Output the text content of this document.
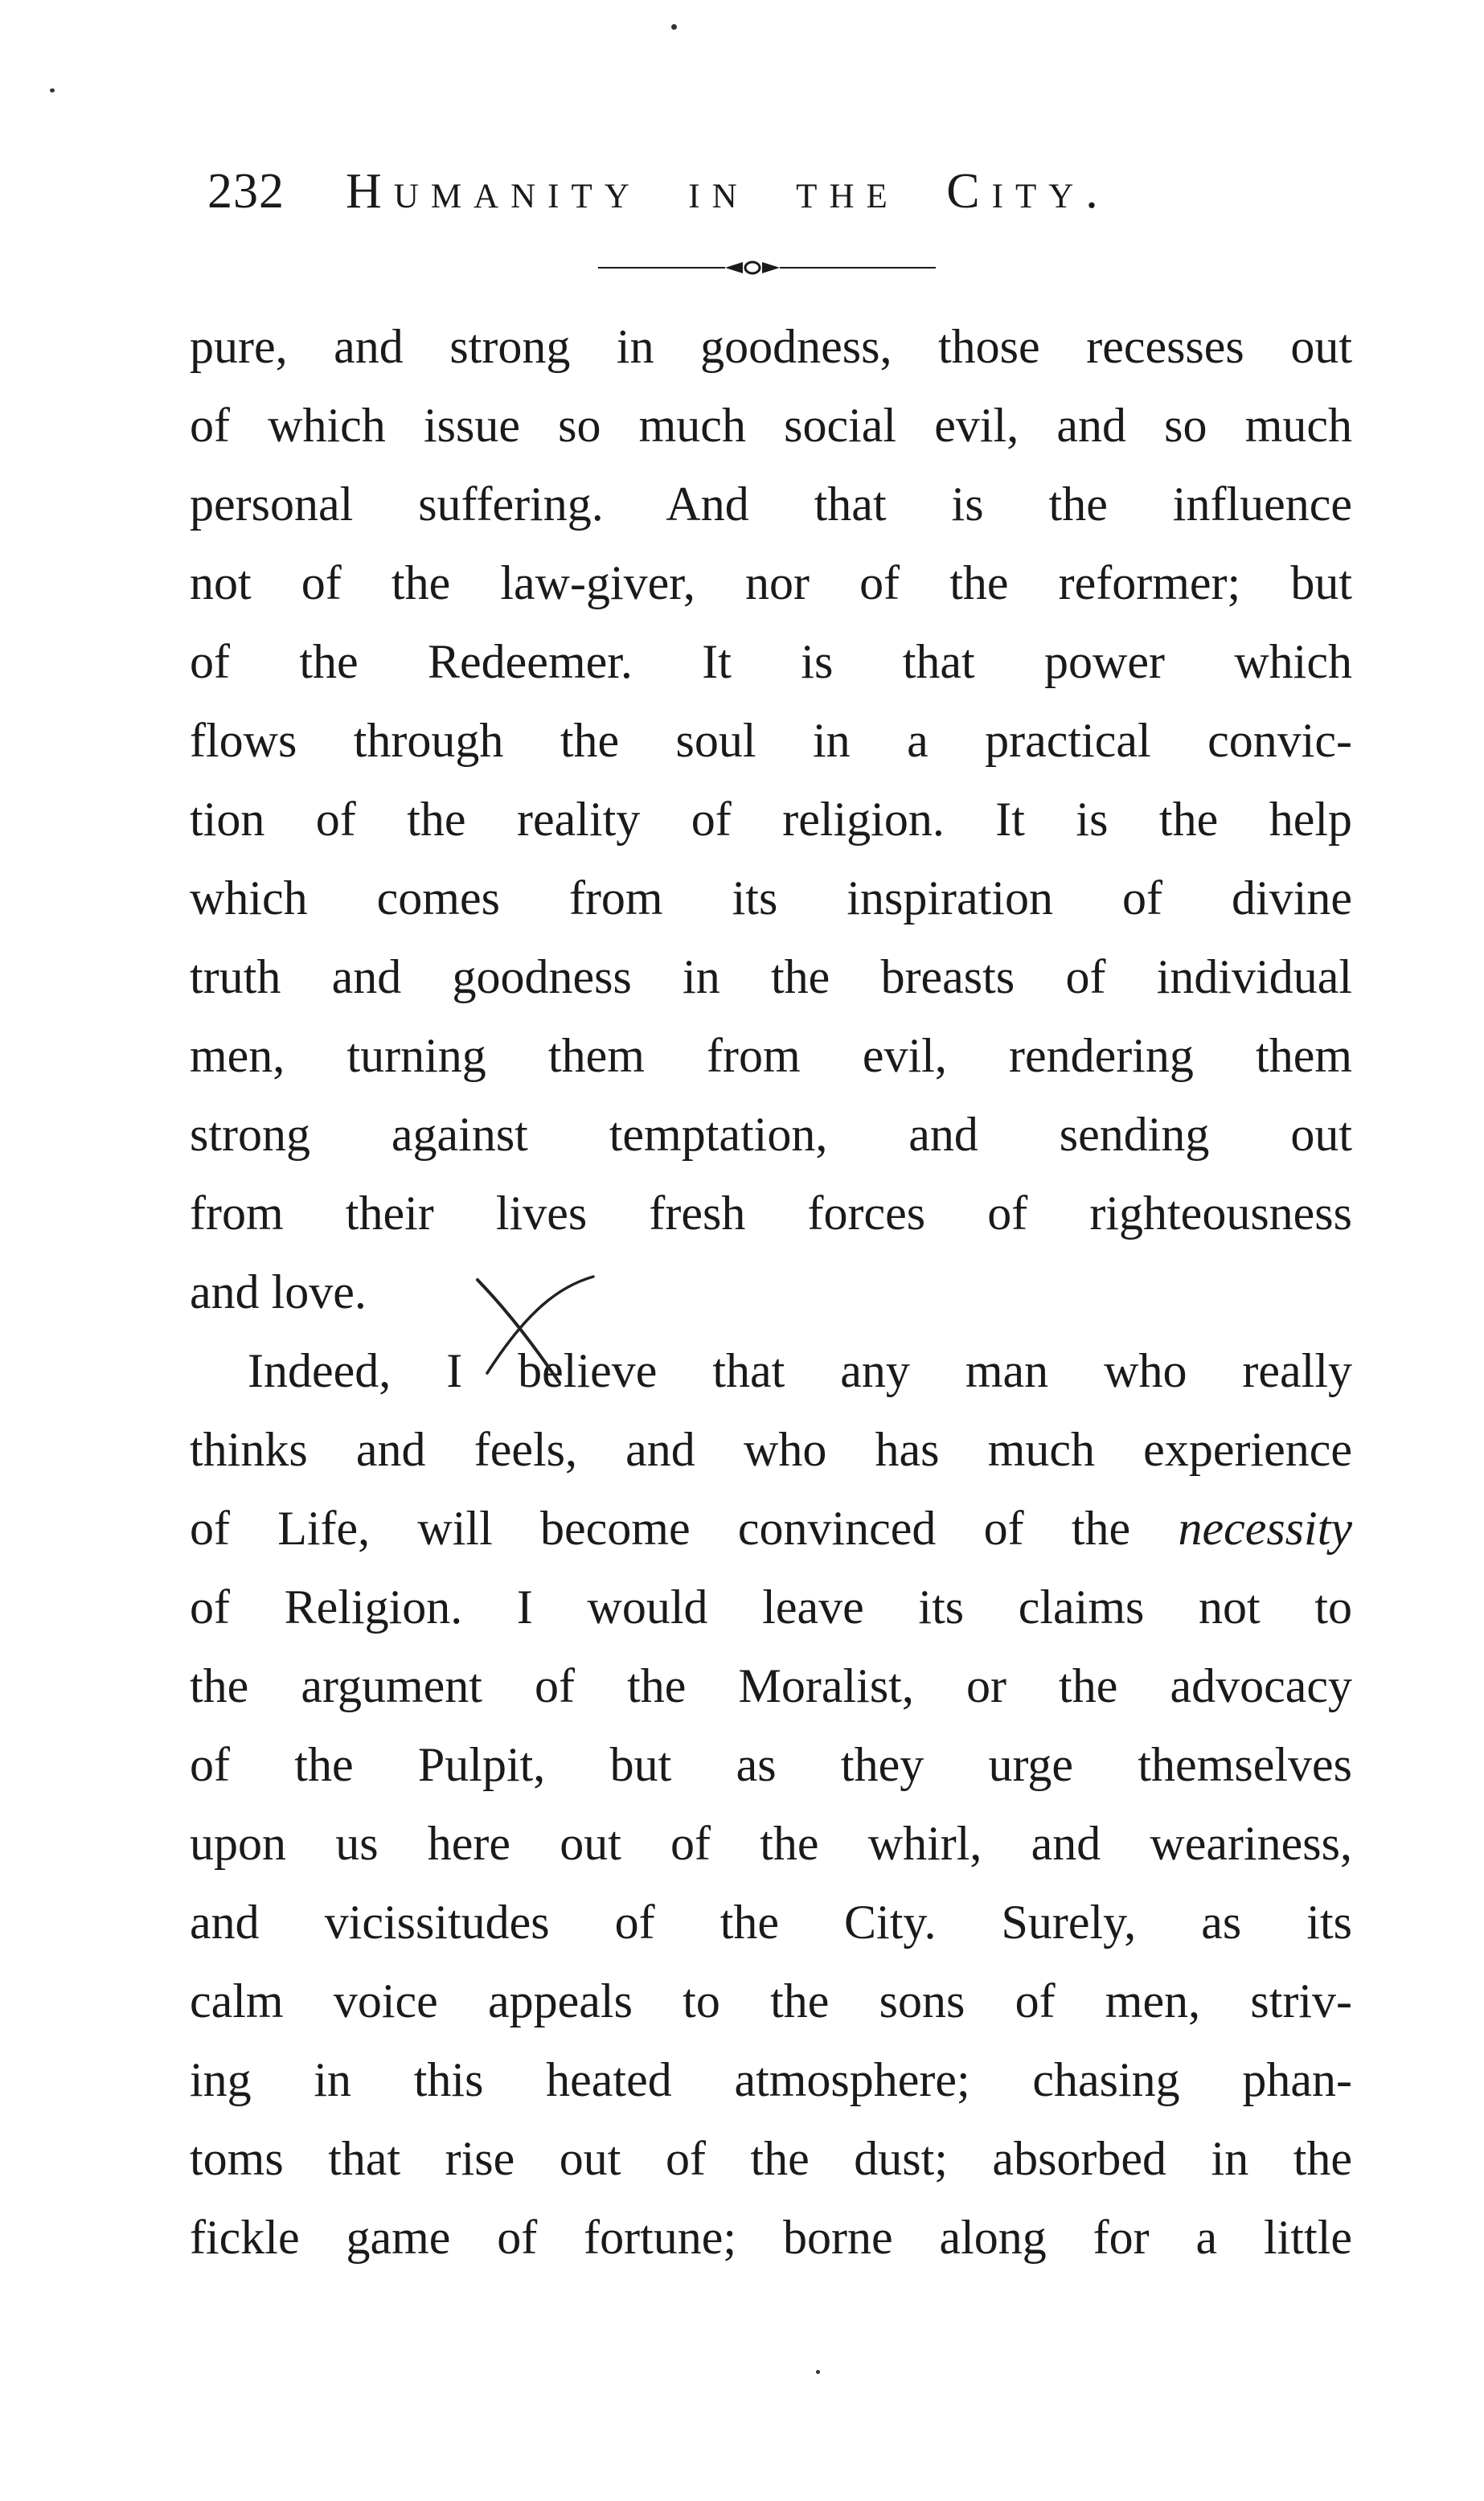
232 Humanity in the City.
pure, and strong in goodness, those recesses out
of which issue so much social evil, and so much
personal suffering. And that is the influence
not of the law-giver, nor of the reformer; but
of the Redeemer. It is that power which
flows through the soul in a practical convic-
tion of the reality of religion. It is the help
which comes from its inspiration of divine
truth and goodness in the breasts of individual
men, turning them from evil, rendering them
strong against temptation, and sending out
from their lives fresh forces of righteousness
and love.
Indeed, I believe that any man who really
thinks and feels, and who has much experience
of Life, will become convinced of the necessity
of Religion. I would leave its claims not to
the argument of the Moralist, or the advocacy
of the Pulpit, but as they urge themselves
upon us here out of the whirl, and weariness,
and vicissitudes of the City. Surely, as its
calm voice appeals to the sons of men, striv-
ing in this heated atmosphere; chasing phan-
toms that rise out of the dust; absorbed in the
fickle game of fortune; borne along for a little
